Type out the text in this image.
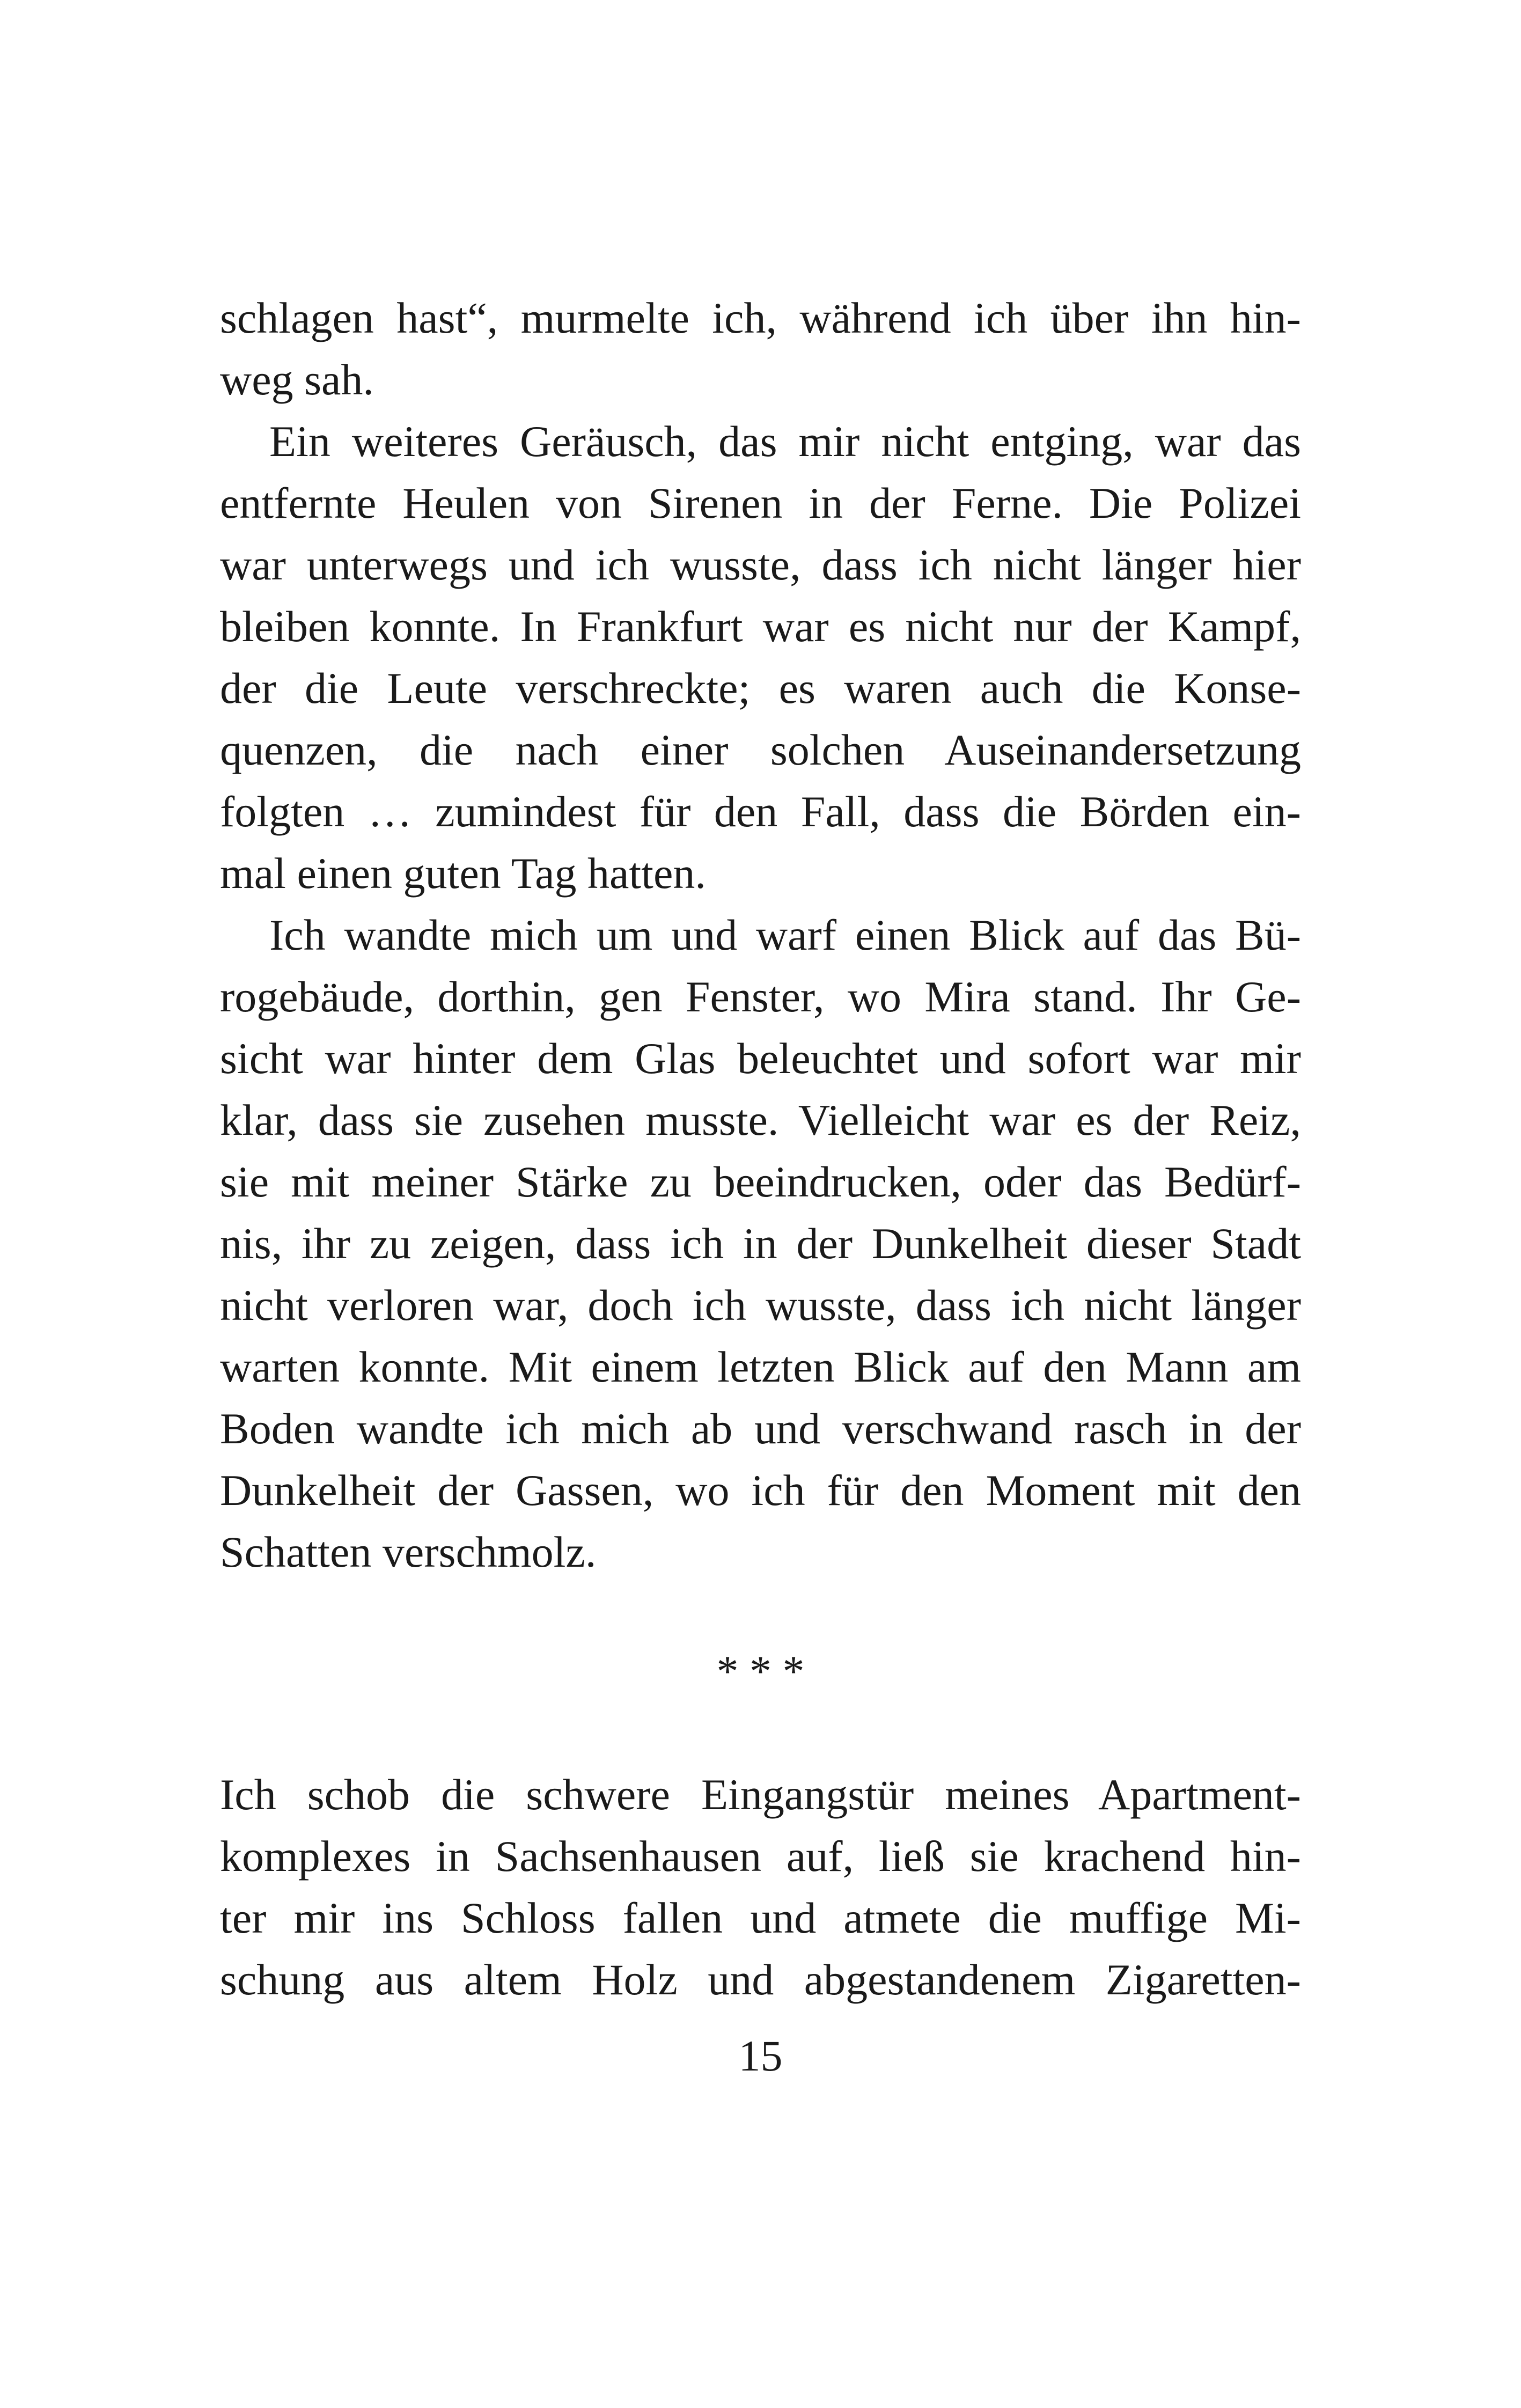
schlagen hast“, murmelte ich, während ich über ihn hin-
weg sah.
Ein weiteres Geräusch, das mir nicht entging, war das
entfernte Heulen von Sirenen in der Ferne. Die Polizei
war unterwegs und ich wusste, dass ich nicht länger hier
bleiben konnte. In Frankfurt war es nicht nur der Kampf,
der die Leute verschreckte; es waren auch die Konse-
quenzen, die nach einer solchen Auseinandersetzung
folgten … zumindest für den Fall, dass die Börden ein-
mal einen guten Tag hatten.
Ich wandte mich um und warf einen Blick auf das Bü-
rogebäude, dorthin, gen Fenster, wo Mira stand. Ihr Ge-
sicht war hinter dem Glas beleuchtet und sofort war mir
klar, dass sie zusehen musste. Vielleicht war es der Reiz,
sie mit meiner Stärke zu beeindrucken, oder das Bedürf-
nis, ihr zu zeigen, dass ich in der Dunkelheit dieser Stadt
nicht verloren war, doch ich wusste, dass ich nicht länger
warten konnte. Mit einem letzten Blick auf den Mann am
Boden wandte ich mich ab und verschwand rasch in der
Dunkelheit der Gassen, wo ich für den Moment mit den
Schatten verschmolz.
* * *
Ich schob die schwere Eingangstür meines Apartment-
komplexes in Sachsenhausen auf, ließ sie krachend hin-
ter mir ins Schloss fallen und atmete die muffige Mi-
schung aus altem Holz und abgestandenem Zigaretten-
15
